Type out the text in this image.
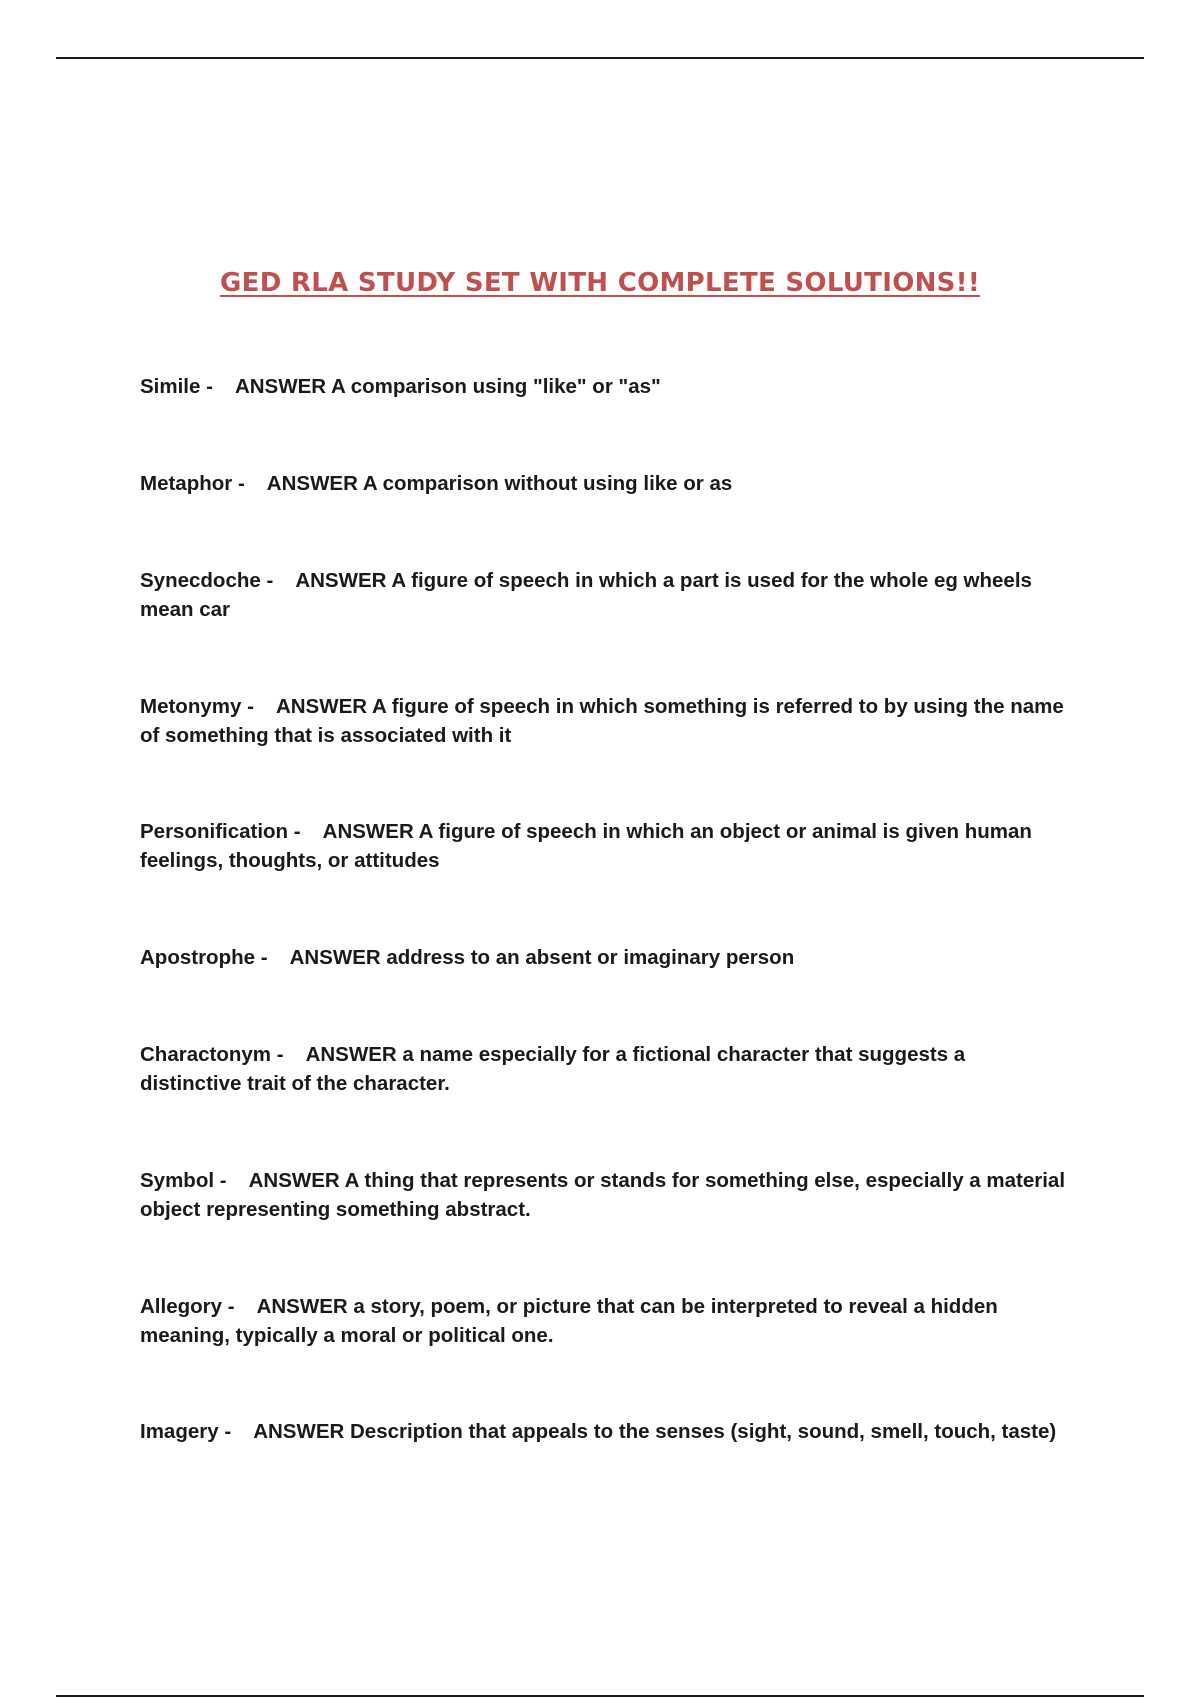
GED RLA STUDY SET WITH COMPLETE SOLUTIONS!!
Simile -    ANSWER A comparison using "like" or "as"
Metaphor -    ANSWER A comparison without using like or as
Synecdoche -    ANSWER A figure of speech in which a part is used for the whole eg wheels mean car
Metonymy -    ANSWER A figure of speech in which something is referred to by using the name of something that is associated with it
Personification -    ANSWER A figure of speech in which an object or animal is given human feelings, thoughts, or attitudes
Apostrophe -    ANSWER address to an absent or imaginary person
Charactonym -    ANSWER a name especially for a fictional character that suggests a distinctive trait of the character.
Symbol -    ANSWER A thing that represents or stands for something else, especially a material object representing something abstract.
Allegory -    ANSWER a story, poem, or picture that can be interpreted to reveal a hidden meaning, typically a moral or political one.
Imagery -    ANSWER Description that appeals to the senses (sight, sound, smell, touch, taste)
